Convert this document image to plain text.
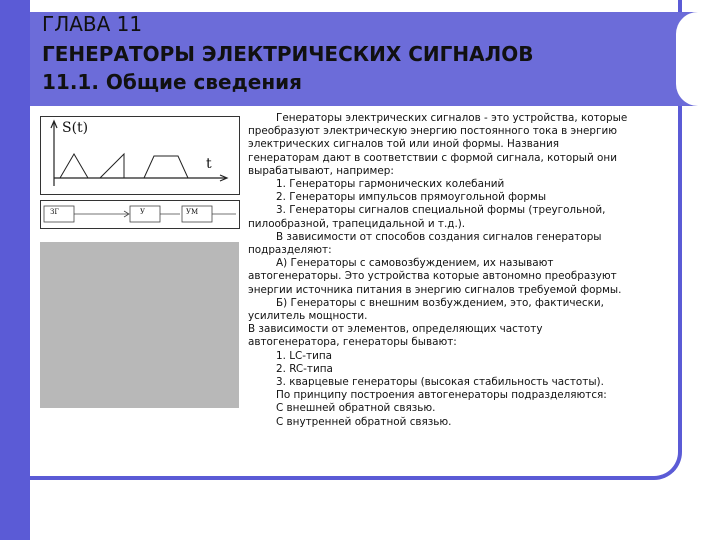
ГЛАВА 11
ГЕНЕРАТОРЫ ЭЛЕКТРИЧЕСКИХ СИГНАЛОВ
11.1. Общие сведения
S(t)
t
ЗГ	У	УМ
Генераторы электрических сигналов - это устройства, которые
преобразуют электрическую энергию постоянного тока в энергию
электрических сигналов той или иной формы. Названия
генераторам дают в соответствии с формой сигнала, который они
вырабатывают, например:
1. Генераторы гармонических колебаний
2. Генераторы импульсов прямоугольной формы
3. Генераторы сигналов специальной формы (треугольной,
пилообразной, трапецидальной и т.д.).
В зависимости от способов создания сигналов генераторы
подразделяют:
А) Генераторы с самовозбуждением, их называют
автогенераторы. Это устройства которые автономно преобразуют
энергии источника питания в энергию сигналов требуемой формы.
Б) Генераторы с внешним возбуждением, это, фактически,
усилитель мощности.
В зависимости от элементов, определяющих частоту
автогенератора, генераторы бывают:
1. LC-типа
2. RC-типа
3. кварцевые генераторы (высокая стабильность частоты).
По принципу построения автогенераторы подразделяются:
С внешней обратной связью.
С внутренней обратной связью.
